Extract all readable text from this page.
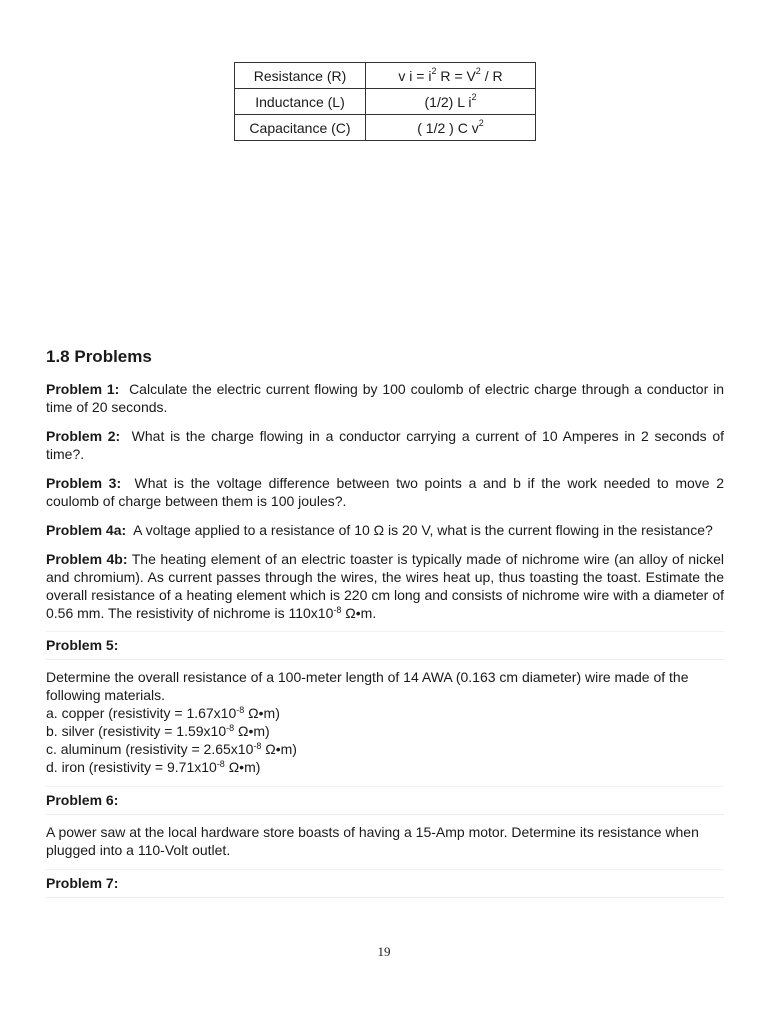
Resistance (R)	v $i = i^2$ $R = V^2 / R$
Inductance (L)	(1/2) L $i^2$
Capacitance (C)	( 1/2 ) C $v^2$
1.8 Problems

Problem 1: Calculate the electric current flowing by 100 coulomb of electric charge through a conductor in time of 20 seconds.

Problem 2: What is the charge flowing in a conductor carrying a current of 10 Amperes in 2 seconds of time?.

Problem 3: What is the voltage difference between two points a and b if the work needed to move 2 coulomb of charge between them is 100 joules?.

Problem 4a: A voltage applied to a resistance of 10 Ω is 20 V, what is the current flowing in the resistance?

Problem 4b: The heating element of an electric toaster is typically made of nichrome wire (an alloy of nickel and chromium). As current passes through the wires, the wires heat up, thus toasting the toast. Estimate the overall resistance of a heating element which is 220 cm long and consists of nichrome wire with a diameter of 0.56 mm. The resistivity of nichrome is $110x10^{-8}$ Ω•m.

Problem 5:
Determine the overall resistance of a 100-meter length of 14 AWA (0.163 cm diameter) wire made of the following materials.
a. copper (resistivity = $1.67x10^{-8}$ Ω•m)
b. silver (resistivity = $1.59x10^{-8}$ Ω•m)
c. aluminum (resistivity = $2.65x10^{-8}$ Ω•m)
d. iron (resistivity = $9.71x10^{-8}$ Ω•m)
Problem 6:
A power saw at the local hardware store boasts of having a 15-Amp motor. Determine its resistance when plugged into a 110-Volt outlet.
Problem 7:
19
